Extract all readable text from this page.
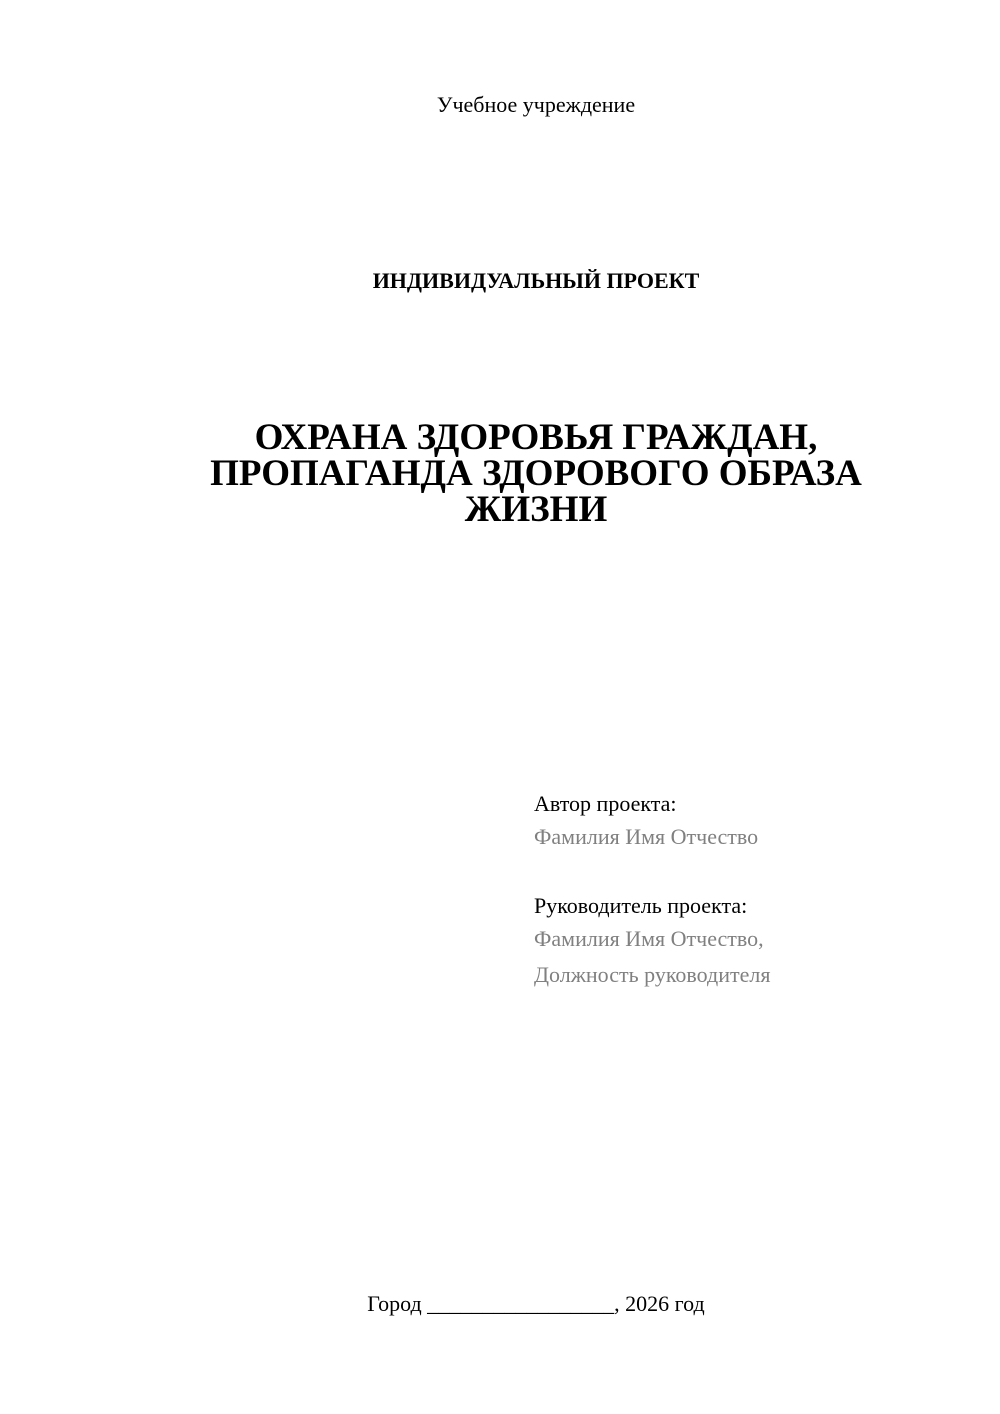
Учебное учреждение
ИНДИВИДУАЛЬНЫЙ ПРОЕКТ
ОХРАНА ЗДОРОВЬЯ ГРАЖДАН,
ПРОПАГАНДА ЗДОРОВОГО ОБРАЗА
ЖИЗНИ
Автор проекта:
Фамилия Имя Отчество
Руководитель проекта:
Фамилия Имя Отчество,
Должность руководителя
Город _________________, 2026 год
